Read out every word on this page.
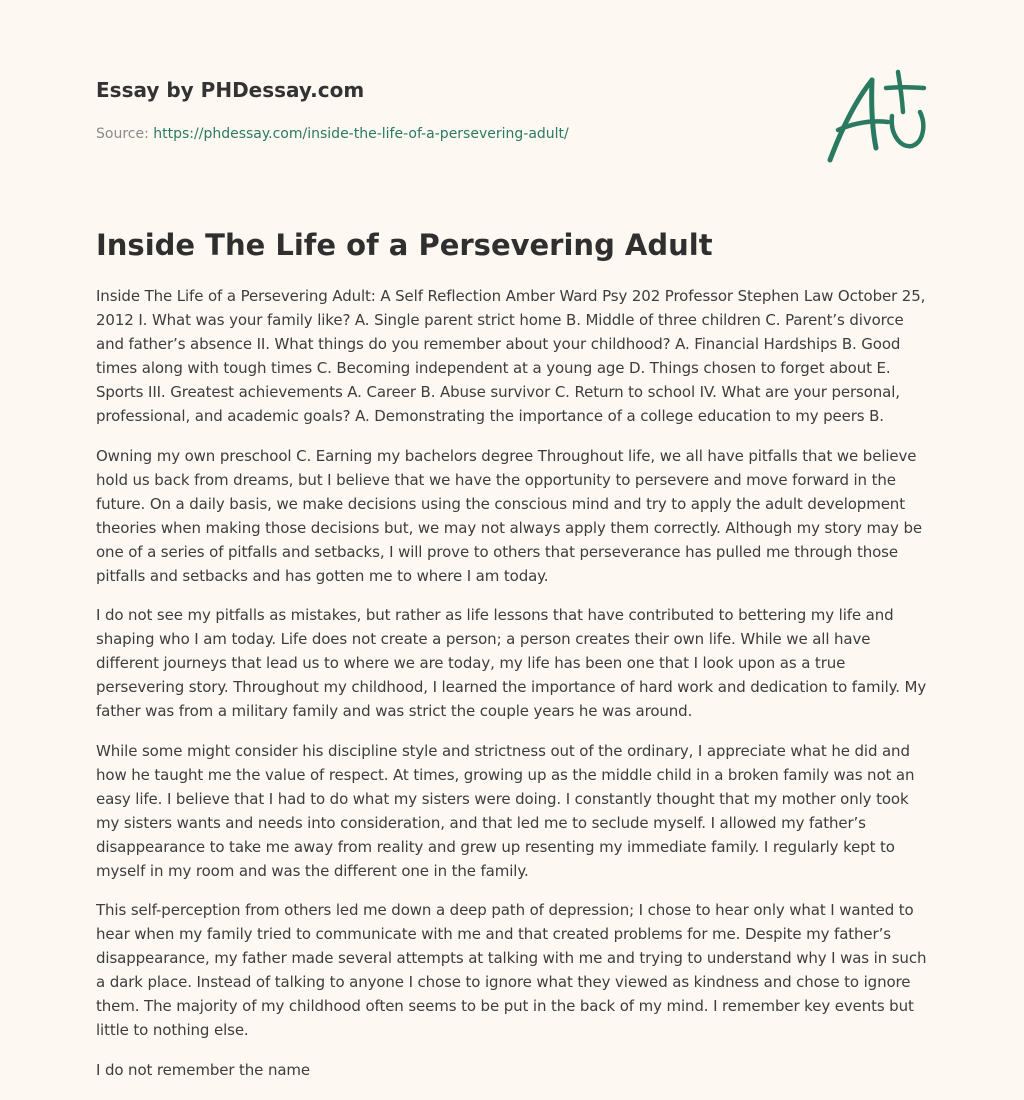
Essay by PHDessay.com
Source: https://phdessay.com/inside-the-life-of-a-persevering-adult/
Inside The Life of a Persevering Adult

Inside The Life of a Persevering Adult: A Self Reflection Amber Ward Psy 202 Professor Stephen Law October 25, 2012 I. What was your family like? A. Single parent strict home B. Middle of three children C. Parent’s divorce and father’s absence II. What things do you remember about your childhood? A. Financial Hardships B. Good times along with tough times C. Becoming independent at a young age D. Things chosen to forget about E. Sports III. Greatest achievements A. Career B. Abuse survivor C. Return to school IV. What are your personal, professional, and academic goals? A. Demonstrating the importance of a college education to my peers B.

Owning my own preschool C. Earning my bachelors degree Throughout life, we all have pitfalls that we believe hold us back from dreams, but I believe that we have the opportunity to persevere and move forward in the future. On a daily basis, we make decisions using the conscious mind and try to apply the adult development theories when making those decisions but, we may not always apply them correctly. Although my story may be one of a series of pitfalls and setbacks, I will prove to others that perseverance has pulled me through those pitfalls and setbacks and has gotten me to where I am today.

I do not see my pitfalls as mistakes, but rather as life lessons that have contributed to bettering my life and shaping who I am today. Life does not create a person; a person creates their own life. While we all have different journeys that lead us to where we are today, my life has been one that I look upon as a true persevering story. Throughout my childhood, I learned the importance of hard work and dedication to family. My father was from a military family and was strict the couple years he was around.

While some might consider his discipline style and strictness out of the ordinary, I appreciate what he did and how he taught me the value of respect. At times, growing up as the middle child in a broken family was not an easy life. I believe that I had to do what my sisters were doing. I constantly thought that my mother only took my sisters wants and needs into consideration, and that led me to seclude myself. I allowed my father’s disappearance to take me away from reality and grew up resenting my immediate family. I regularly kept to myself in my room and was the different one in the family.

This self-perception from others led me down a deep path of depression; I chose to hear only what I wanted to hear when my family tried to communicate with me and that created problems for me. Despite my father’s disappearance, my father made several attempts at talking with me and trying to understand why I was in such a dark place. Instead of talking to anyone I chose to ignore what they viewed as kindness and chose to ignore them. The majority of my childhood often seems to be put in the back of my mind. I remember key events but little to nothing else.

I do not remember the name
